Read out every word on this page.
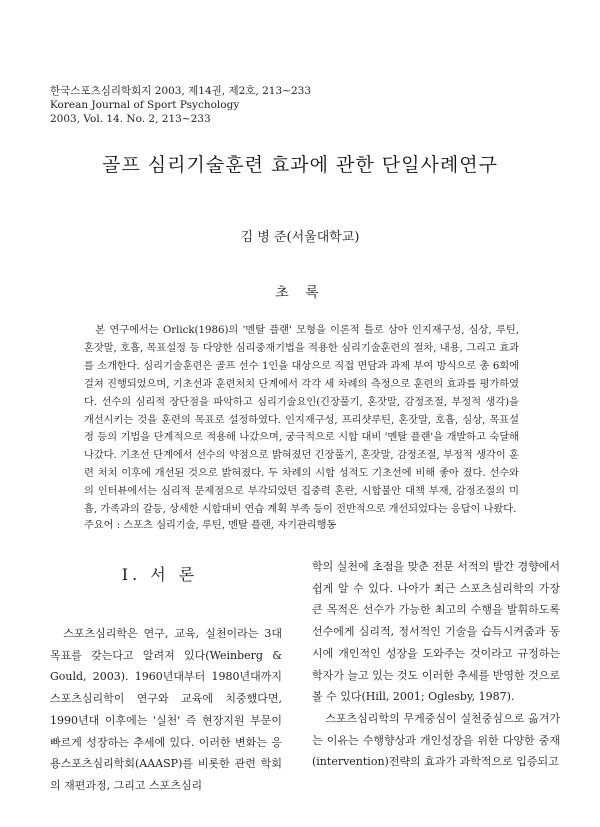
한국스포츠심리학회지 2003, 제14권, 제2호, 213~233
Korean Journal of Sport Psychology
2003, Vol. 14. No. 2, 213~233
골프 심리기술훈련 효과에 관한 단일사례연구
김 병 준(서울대학교)
초 록

본 연구에서는 Orlick(1986)의 '멘탈 플랜' 모형을 이론적 틀로 삼아 인지재구성, 심상, 루틴, 혼잣말, 호흡, 목표설정 등 다양한 심리중재기법을 적용한 심리기술훈련의 절차, 내용, 그리고 효과를 소개한다. 심리기술훈련은 골프 선수 1인을 대상으로 직접 면담과 과제 부여 방식으로 총 6회에 걸쳐 진행되었으며, 기초선과 훈련처치 단계에서 각각 세 차례의 측정으로 훈련의 효과를 평가하였다. 선수의 심리적 장단점을 파악하고 심리기술요인(긴장풀기, 혼잣말, 감정조절, 부정적 생각)을 개선시키는 것을 훈련의 목표로 설정하였다. 인지재구성, 프리샷루틴, 혼잣말, 호흡, 심상, 목표설정 등의 기법을 단계적으로 적용해 나갔으며, 궁극적으로 시합 대비 '멘탈 플랜'을 개발하고 숙달해 나갔다. 기초선 단계에서 선수의 약점으로 밝혀졌던 긴장풀기, 혼잣말, 감정조절, 부정적 생각이 훈련 처치 이후에 개선된 것으로 밝혀졌다. 두 차례의 시합 성적도 기초선에 비해 좋아 졌다. 선수와의 인터뷰에서는 심리적 문제점으로 부각되었던 집중력 혼란, 시합불안 대책 부재, 감정조절의 미흡, 가족과의 갈등, 상세한 시합대비 연습 계획 부족 등이 전반적으로 개선되었다는 응답이 나왔다.

주요어 : 스포츠 심리기술, 루틴, 멘탈 플랜, 자기관리행동
Ⅰ. 서 론

스포츠심리학은 연구, 교육, 실천이라는 3대 목표를 갖는다고 알려져 있다(Weinberg & Gould, 2003). 1960년대부터 1980년대까지 스포츠심리학이 연구와 교육에 치중했다면, 1990년대 이후에는 '실천' 즉 현장지원 부문이 빠르게 성장하는 추세에 있다. 이러한 변화는 응용스포츠심리학회(AAASP)를 비롯한 관련 학회의 재편과정, 그리고 스포츠심리

학의 실천에 초점을 맞춘 전문 서적의 발간 경향에서 쉽게 알 수 있다. 나아가 최근 스포츠심리학의 가장 큰 목적은 선수가 가능한 최고의 수행을 발휘하도록 선수에게 심리적, 정서적인 기술을 습득시켜줌과 동시에 개인적인 성장을 도와주는 것이라고 규정하는 학자가 늘고 있는 것도 이러한 추세를 반영한 것으로 볼 수 있다(Hill, 2001; Oglesby, 1987).

스포츠심리학의 무게중심이 실천중심으로 옮겨가는 이유는 수행향상과 개인성장을 위한 다양한 중재(intervention)전략의 효과가 과학적으로 입증되고
